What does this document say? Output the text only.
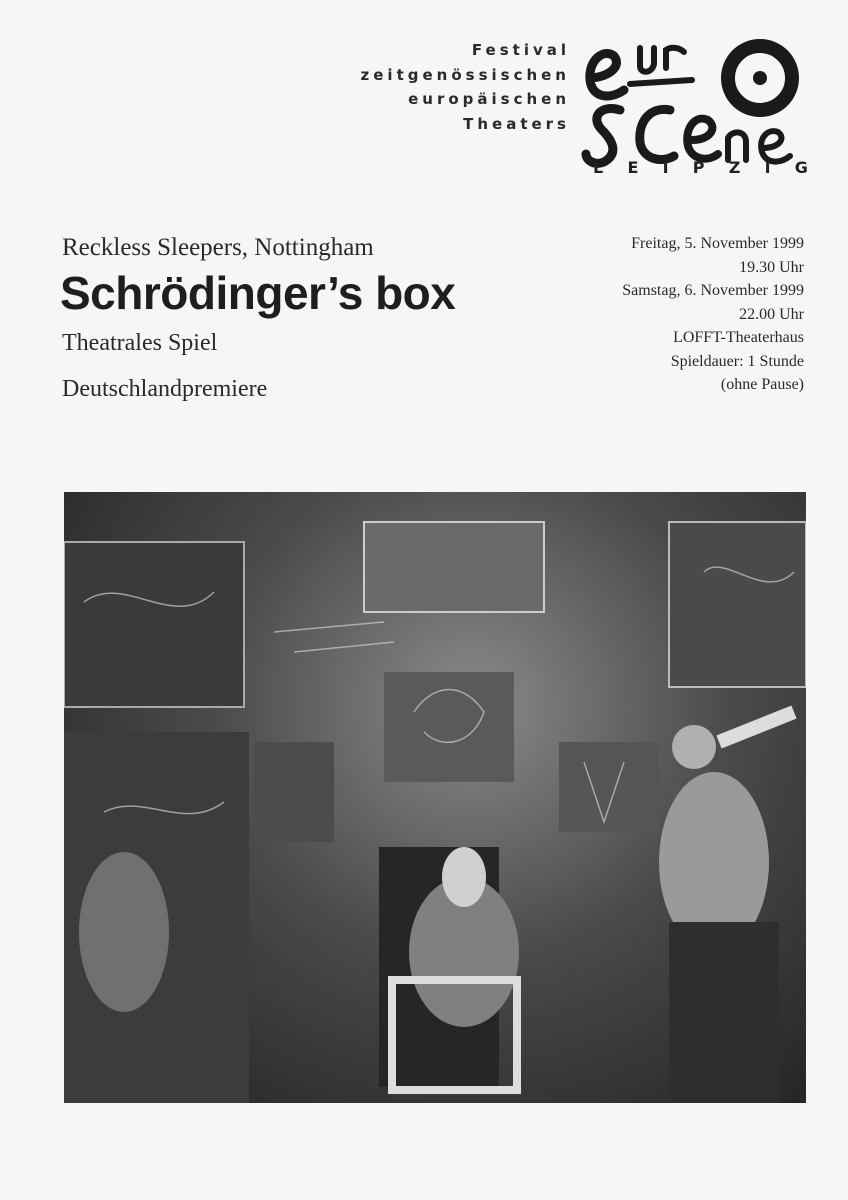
Festival
zeitgenössischen
europäischen
Theaters
L E I P Z I G
Reckless Sleepers, Nottingham
Schrödinger’s box
Theatrales Spiel
Deutschlandpremiere
Freitag, 5. November 1999
19.30 Uhr
Samstag, 6. November 1999
22.00 Uhr
LOFFT-Theaterhaus
Spieldauer: 1 Stunde
(ohne Pause)
